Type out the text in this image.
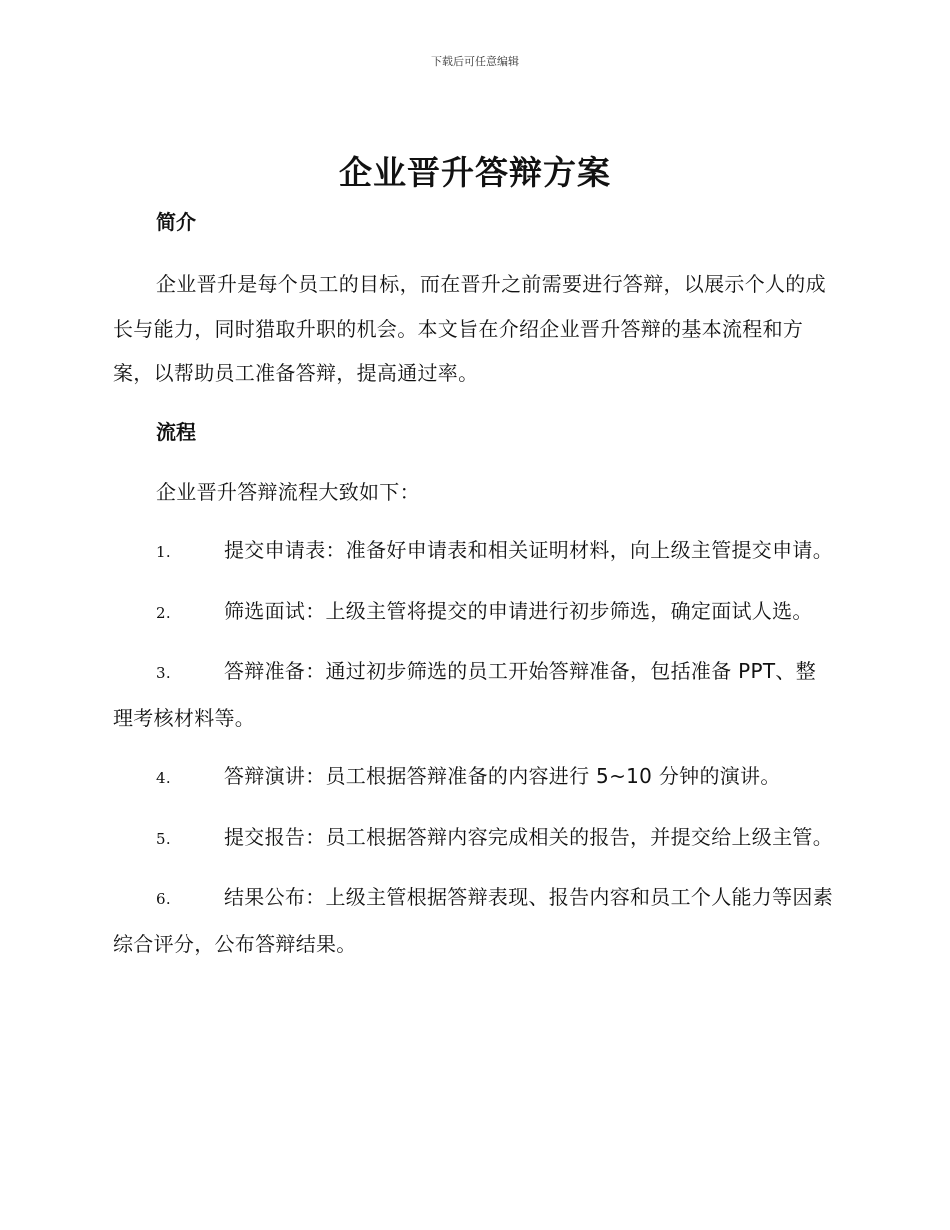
下载后可任意编辑
企业晋升答辩方案
简介

企业晋升是每个员工的目标，而在晋升之前需要进行答辩，以展示个人的成长与能力，同时猎取升职的机会。本文旨在介绍企业晋升答辩的基本流程和方案，以帮助员工准备答辩，提高通过率。

流程

企业晋升答辩流程大致如下：

1.	提交申请表：准备好申请表和相关证明材料，向上级主管提交申请。
2.	筛选面试：上级主管将提交的申请进行初步筛选，确定面试人选。
3.	答辩准备：通过初步筛选的员工开始答辩准备，包括准备 PPT、整理考核材料等。
4.	答辩演讲：员工根据答辩准备的内容进行 5~10 分钟的演讲。
5.	提交报告：员工根据答辩内容完成相关的报告，并提交给上级主管。
6.	结果公布：上级主管根据答辩表现、报告内容和员工个人能力等因素综合评分，公布答辩结果。
